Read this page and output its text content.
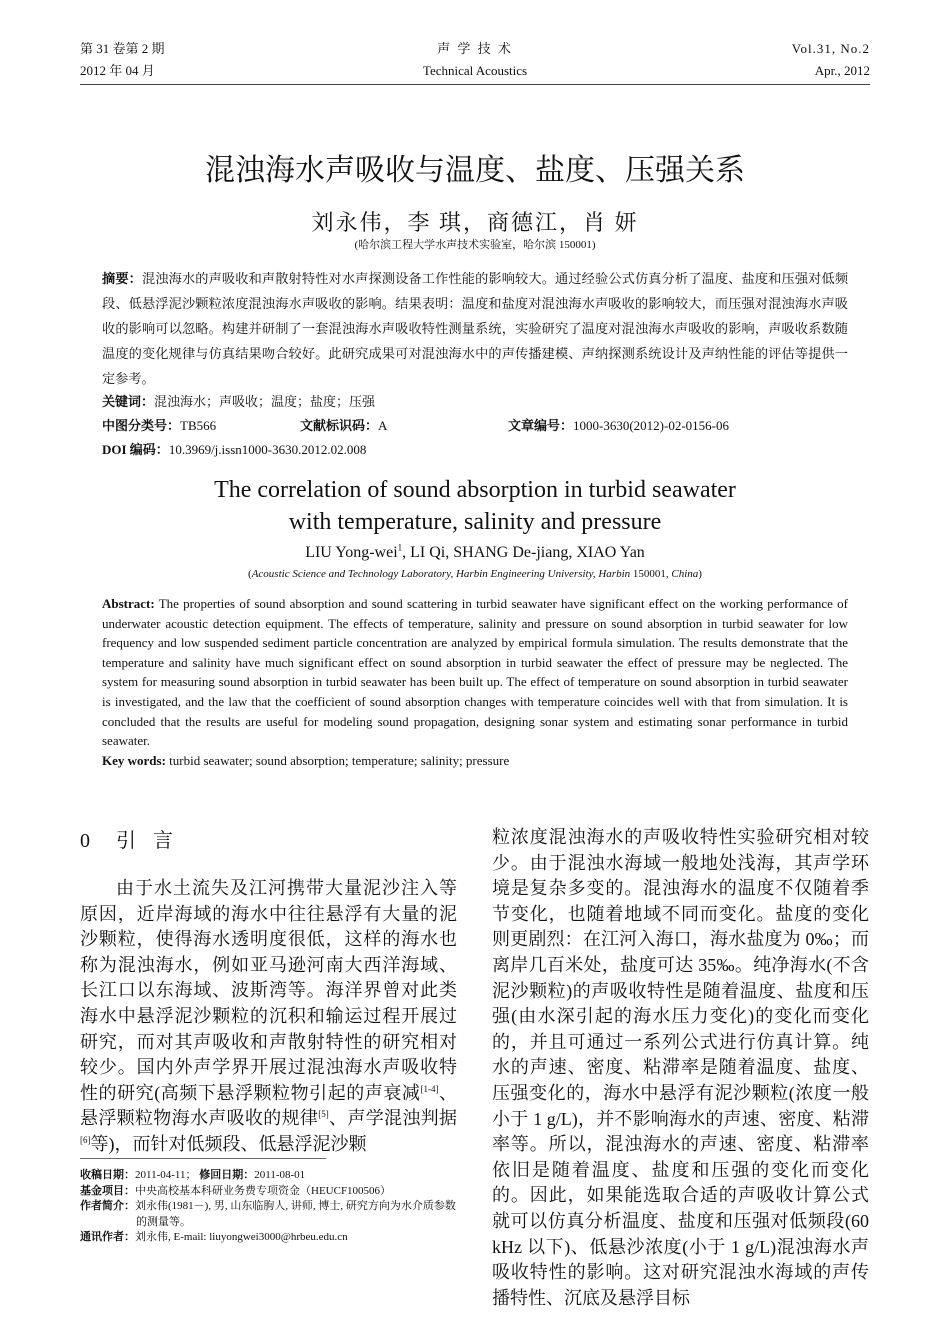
第 31 卷第 2 期
2012 年 04 月
声 学 技 术
Technical Acoustics
Vol.31, No.2
Apr., 2012
混浊海水声吸收与温度、盐度、压强关系
刘永伟，李 琪，商德江，肖 妍
(哈尔滨工程大学水声技术实验室，哈尔滨 150001)
摘要：混浊海水的声吸收和声散射特性对水声探测设备工作性能的影响较大。通过经验公式仿真分析了温度、盐度和压强对低频段、低悬浮泥沙颗粒浓度混浊海水声吸收的影响。结果表明：温度和盐度对混浊海水声吸收的影响较大，而压强对混浊海水声吸收的影响可以忽略。构建并研制了一套混浊海水声吸收特性测量系统，实验研究了温度对混浊海水声吸收的影响，声吸收系数随温度的变化规律与仿真结果吻合较好。此研究成果可对混浊海水中的声传播建模、声纳探测系统设计及声纳性能的评估等提供一定参考。
关键词：混浊海水；声吸收；温度；盐度；压强
中图分类号：TB566	文献标识码：A	文章编号：1000-3630(2012)-02-0156-06
DOI 编码：10.3969/j.issn1000-3630.2012.02.008
The correlation of sound absorption in turbid seawater
with temperature, salinity and pressure
LIU Yong-wei$^1$, LI Qi, SHANG De-jiang, XIAO Yan
(Acoustic Science and Technology Laboratory, Harbin Engineering University, Harbin 150001, China)
Abstract: The properties of sound absorption and sound scattering in turbid seawater have significant effect on the working performance of underwater acoustic detection equipment. The effects of temperature, salinity and pressure on sound absorption in turbid seawater for low frequency and low suspended sediment particle concentration are analyzed by empirical formula simulation. The results demonstrate that the temperature and salinity have much significant effect on sound absorption in turbid seawater the effect of pressure may be neglected. The system for measuring sound absorption in turbid seawater has been built up. The effect of temperature on sound absorption in turbid seawater is investigated, and the law that the coefficient of sound absorption changes with temperature coincides well with that from simulation. It is concluded that the results are useful for modeling sound propagation, designing sonar system and estimating sonar performance in turbid seawater.
Key words: turbid seawater; sound absorption; temperature; salinity; pressure
0 引 言

由于水土流失及江河携带大量泥沙注入等原因，近岸海域的海水中往往悬浮有大量的泥沙颗粒，使得海水透明度很低，这样的海水也称为混浊海水，例如亚马逊河南大西洋海域、长江口以东海域、波斯湾等。海洋界曾对此类海水中悬浮泥沙颗粒的沉积和输运过程开展过研究，而对其声吸收和声散射特性的研究相对较少。国内外声学界开展过混浊海水声吸收特性的研究(高频下悬浮颗粒物引起的声衰减[1-4]、悬浮颗粒物海水声吸收的规律[5]、声学混浊判据[6]等)，而针对低频段、低悬浮泥沙颗

收稿日期：2011-04-11； 修回日期：2011-08-01
基金项目：中央高校基本科研业务费专项资金（HEUCF100506）
作者简介：刘永伟(1981－), 男, 山东临朐人, 讲师, 博士, 研究方向为水介质参数的测量等。
通讯作者：刘永伟, E-mail: liuyongwei3000@hrbeu.edu.cn

粒浓度混浊海水的声吸收特性实验研究相对较少。由于混浊水海域一般地处浅海，其声学环境是复杂多变的。混浊海水的温度不仅随着季节变化，也随着地域不同而变化。盐度的变化则更剧烈：在江河入海口，海水盐度为 0‰；而离岸几百米处，盐度可达 35‰。纯净海水(不含泥沙颗粒)的声吸收特性是随着温度、盐度和压强(由水深引起的海水压力变化)的变化而变化的，并且可通过一系列公式进行仿真计算。纯水的声速、密度、粘滞率是随着温度、盐度、压强变化的，海水中悬浮有泥沙颗粒(浓度一般小于 1 g/L)，并不影响海水的声速、密度、粘滞率等。所以，混浊海水的声速、密度、粘滞率依旧是随着温度、盐度和压强的变化而变化的。因此，如果能选取合适的声吸收计算公式就可以仿真分析温度、盐度和压强对低频段(60 kHz 以下)、低悬沙浓度(小于 1 g/L)混浊海水声吸收特性的影响。这对研究混浊水海域的声传播特性、沉底及悬浮目标
